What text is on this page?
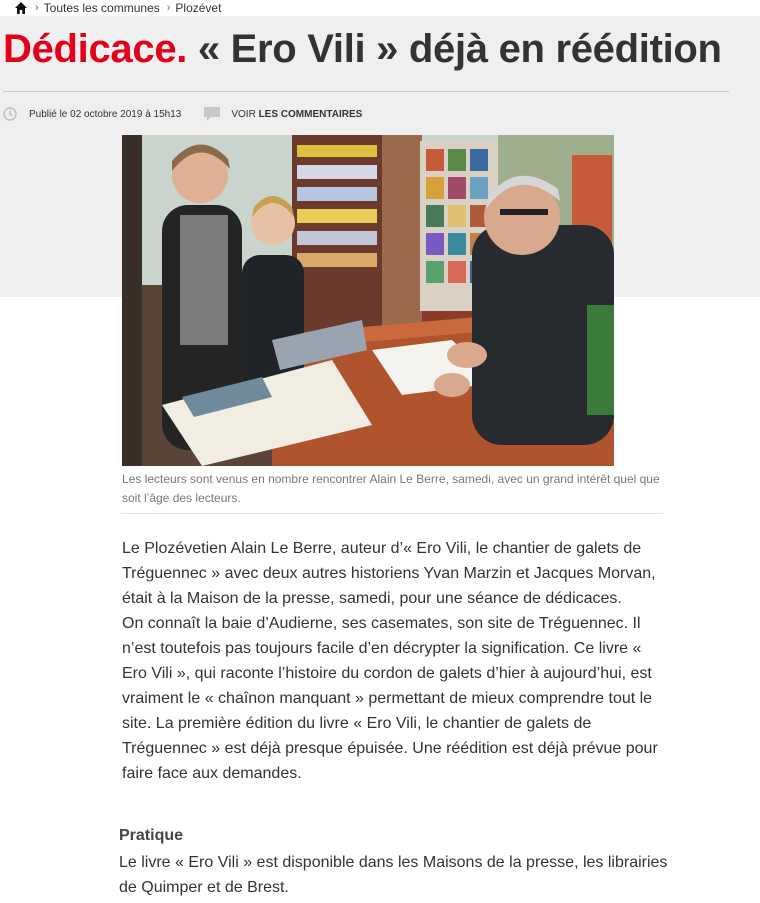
› Toutes les communes › Plozévet
Dédicace. « Ero Vili » déjà en réédition
Publié le 02 octobre 2019 à 15h13	VOIR LES COMMENTAIRES

Les lecteurs sont venus en nombre rencontrer Alain Le Berre, samedi, avec un grand intérêt quel que soit l’âge des lecteurs.

Le Plozévetien Alain Le Berre, auteur d’« Ero Vili, le chantier de galets de Tréguennec » avec deux autres historiens Yvan Marzin et Jacques Morvan, était à la Maison de la presse, samedi, pour une séance de dédicaces.

On connaît la baie d’Audierne, ses casemates, son site de Tréguennec. Il n’est toutefois pas toujours facile d’en décrypter la signification. Ce livre « Ero Vili », qui raconte l’histoire du cordon de galets d’hier à aujourd’hui, est vraiment le « chaînon manquant » permettant de mieux comprendre tout le site. La première édition du livre « Ero Vili, le chantier de galets de Tréguennec » est déjà presque épuisée. Une réédition est déjà prévue pour faire face aux demandes.

Pratique

Le livre « Ero Vili » est disponible dans les Maisons de la presse, les librairies de Quimper et de Brest.
